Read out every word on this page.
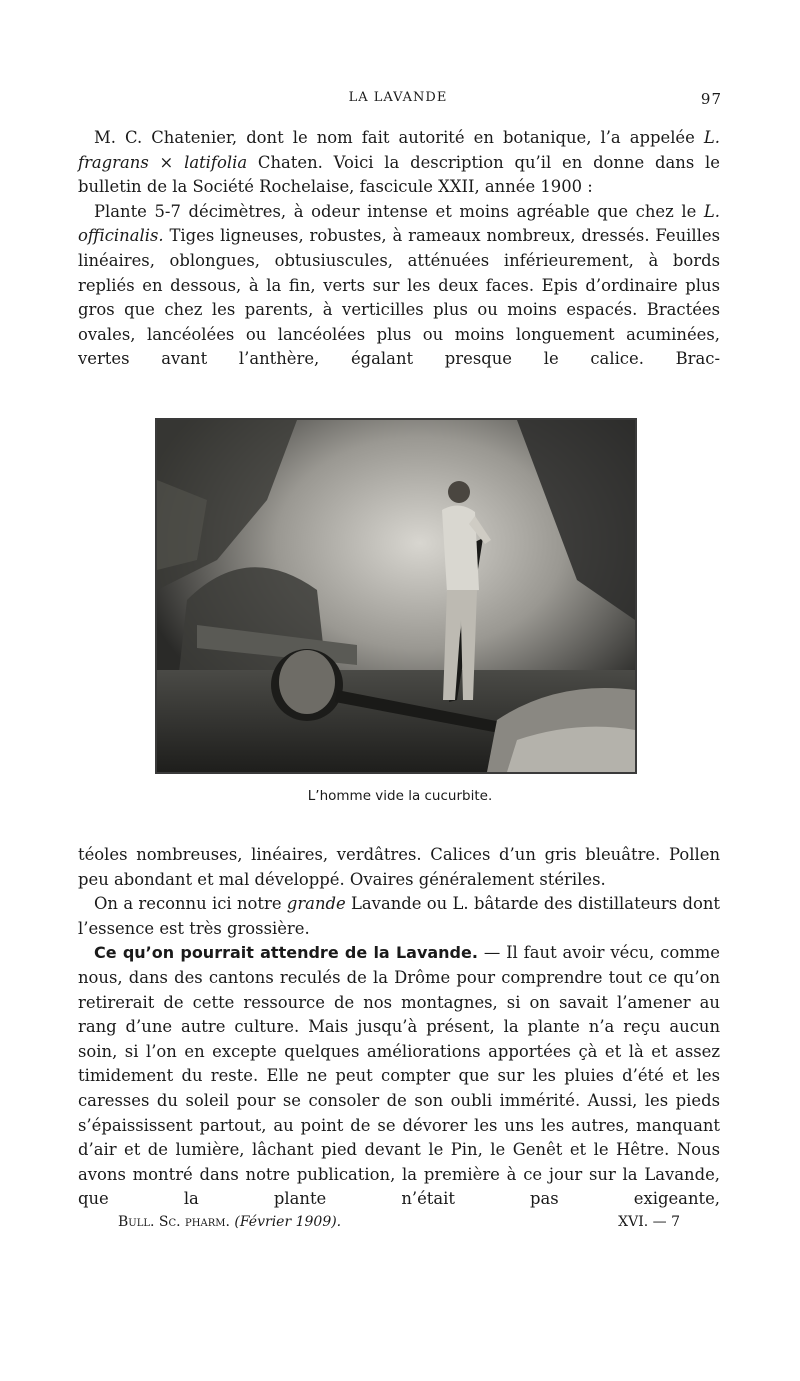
LA LAVANDE	97

M. C. Chatenier, dont le nom fait autorité en botanique, l’a appelée L. fragrans × latifolia Chaten. Voici la description qu’il en donne dans le bulletin de la Société Rochelaise, fascicule XXII, année 1900 :

Plante 5-7 décimètres, à odeur intense et moins agréable que chez le L. officinalis. Tiges ligneuses, robustes, à rameaux nombreux, dressés. Feuilles linéaires, oblongues, obtusiuscules, atténuées inférieurement, à bords repliés en dessous, à la fin, verts sur les deux faces. Epis d’ordinaire plus gros que chez les parents, à verticilles plus ou moins espacés. Bractées ovales, lancéolées ou lancéolées plus ou moins longuement acuminées, vertes avant l’anthère, égalant presque le calice. Brac-

L’homme vide la cucurbite.

téoles nombreuses, linéaires, verdâtres. Calices d’un gris bleuâtre. Pollen peu abondant et mal développé. Ovaires généralement stériles.

On a reconnu ici notre grande Lavande ou L. bâtarde des distillateurs dont l’essence est très grossière.

Ce qu’on pourrait attendre de la Lavande. — Il faut avoir vécu, comme nous, dans des cantons reculés de la Drôme pour comprendre tout ce qu’on retirerait de cette ressource de nos montagnes, si on savait l’amener au rang d’une autre culture. Mais jusqu’à présent, la plante n’a reçu aucun soin, si l’on en excepte quelques améliorations apportées çà et là et assez timidement du reste. Elle ne peut compter que sur les pluies d’été et les caresses du soleil pour se consoler de son oubli immérité. Aussi, les pieds s’épaississent partout, au point de se dévorer les uns les autres, manquant d’air et de lumière, lâchant pied devant le Pin, le Genêt et le Hêtre. Nous avons montré dans notre publication, la première à ce jour sur la Lavande, que la plante n’était pas exigeante,

Bull. Sc. pharm. (Février 1909).	XVI. — 7
